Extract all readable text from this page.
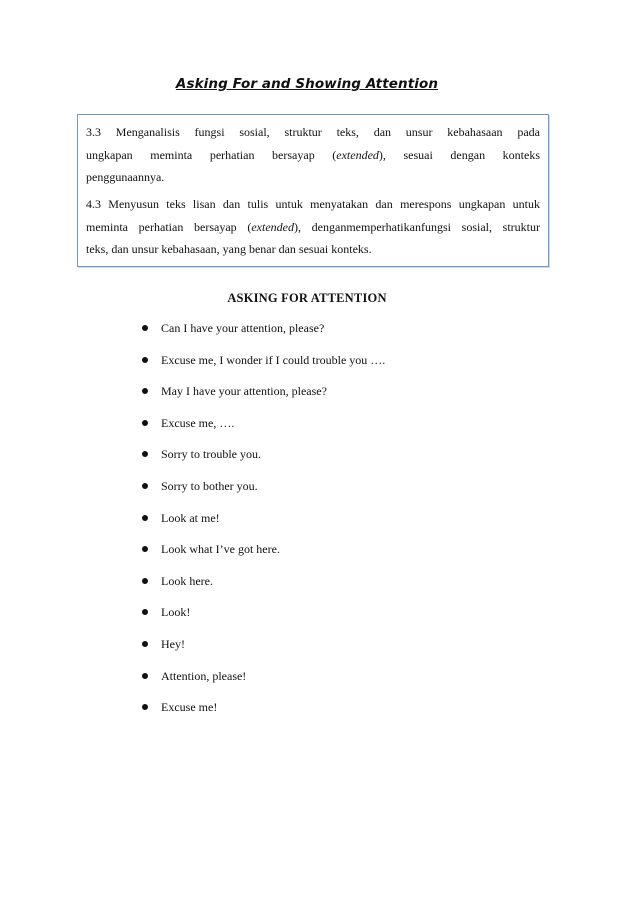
Asking For and Showing Attention
3.3 Menganalisis fungsi sosial, struktur teks, dan unsur kebahasaan pada
ungkapan meminta perhatian bersayap (extended), sesuai dengan konteks
penggunaannya.
4.3 Menyusun teks lisan dan tulis untuk menyatakan dan merespons ungkapan untuk
meminta perhatian bersayap (extended), denganmemperhatikanfungsi sosial, struktur
teks, dan unsur kebahasaan, yang benar dan sesuai konteks.
ASKING FOR ATTENTION
Can I have your attention, please?
Excuse me, I wonder if I could trouble you ….
May I have your attention, please?
Excuse me, ….
Sorry to trouble you.
Sorry to bother you.
Look at me!
Look what I’ve got here.
Look here.
Look!
Hey!
Attention, please!
Excuse me!
